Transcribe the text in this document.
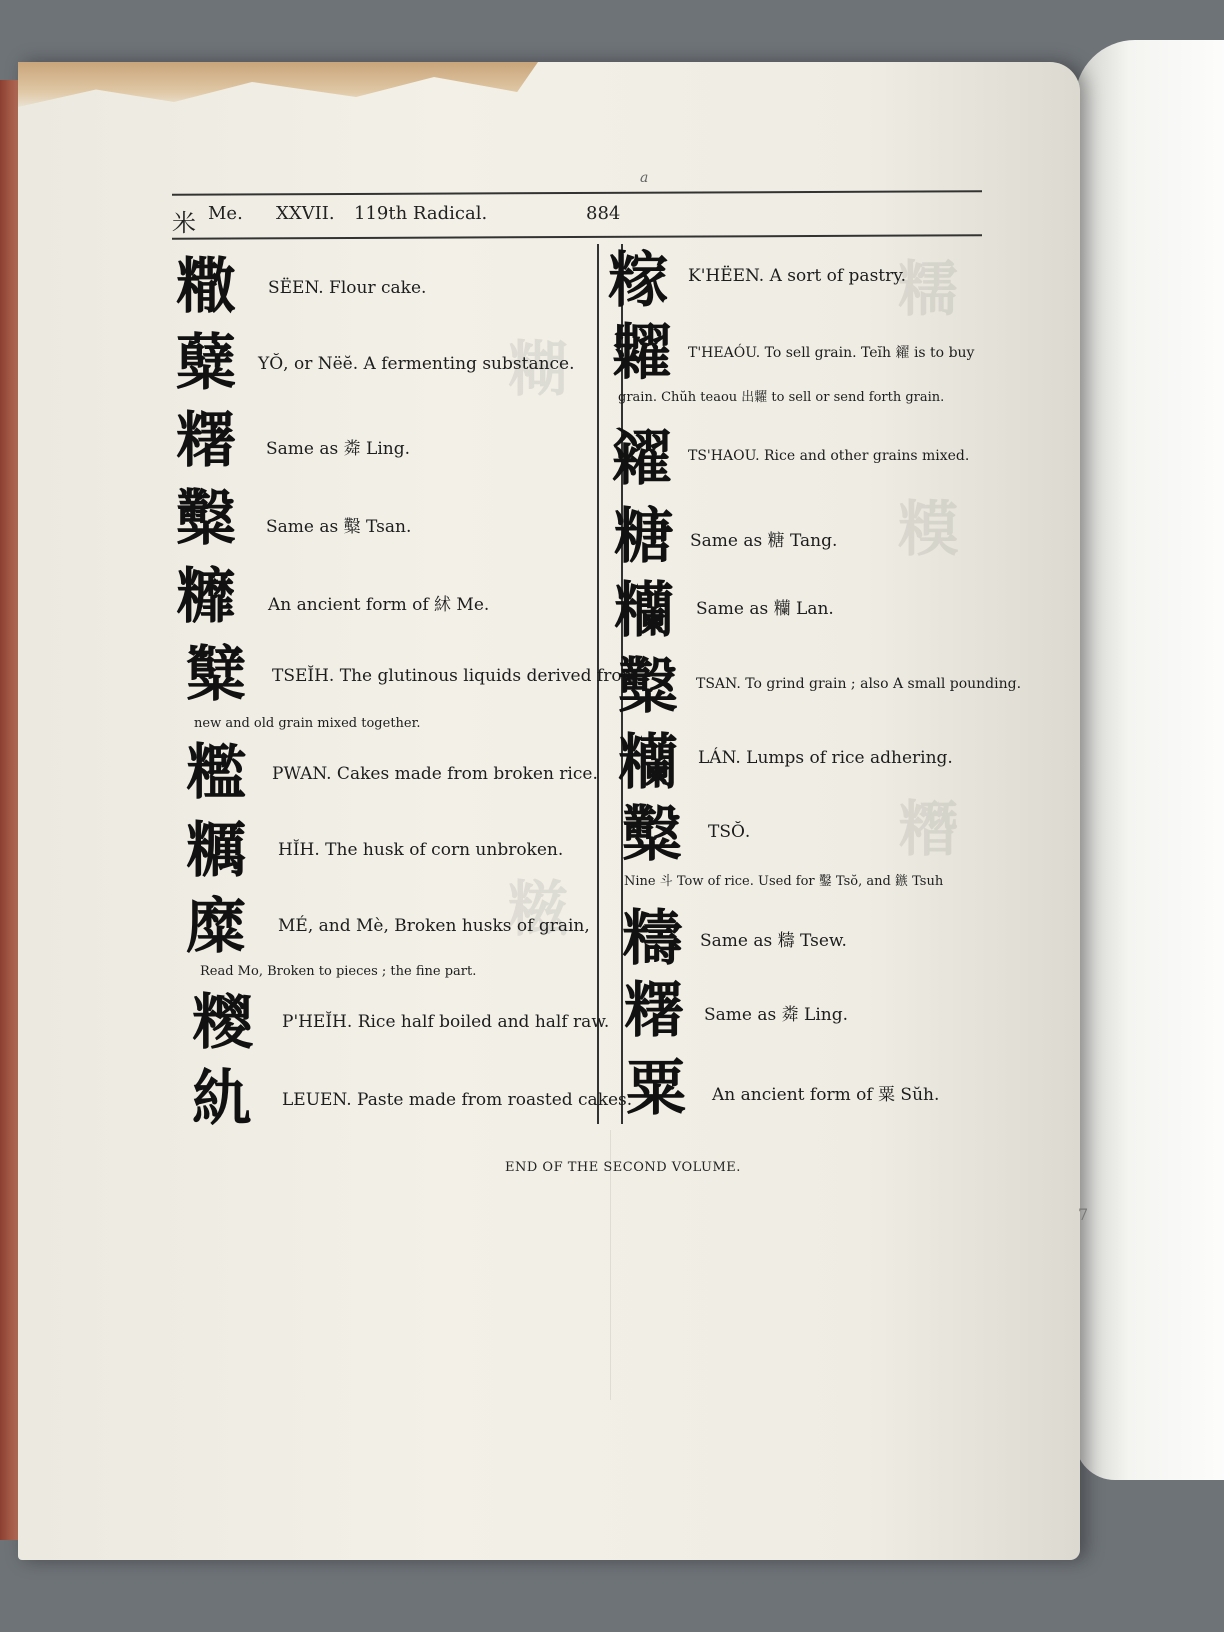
糯
糢
糣
糊
糍
a
米 Me. XXVII. 119th Radical.	884
糤 SËEN. Flour cake.
糵 YŎ, or Nëĕ. A fermenting substance.
糬 Same as 粦 Ling.
糳 Same as 糳 Tsan.
䊳 An ancient form of 絉 Me.
糱 TSEĬH. The glutinous liquids derived from
new and old grain mixed together.
糮 PWAN. Cakes made from broken rice.
糲 HĬH. The husk of corn unbroken.
糜 MÉ, and Mè, Broken husks of grain,
Read Mo, Broken to pieces ; the fine part.
糭 P'HEĬH. Rice half boiled and half raw.
䊵 LEUEN. Paste made from roasted cakes.
糘 K'HËEN. A sort of pastry.
糶 T'HEAÓU. To sell grain. Teĭh 糴 is to buy
grain. Chŭh teaou 出糶 to sell or send forth grain.
糴 TS'HAOU. Rice and other grains mixed.
糖 Same as 糖 Tang.
糷 Same as 糷 Lan.
糳 TSAN. To grind grain ; also A small pounding.
糷 LÁN. Lumps of rice adhering.
糳 TSŎ.
Nine 斗 Tow of rice. Used for 鑿 Tsŏ, and 鏃 Tsuh
䊭 Same as 䊭 Tsew.
糬 Same as 粦 Ling.
粟 An ancient form of 粟 Sŭh.
END OF THE SECOND VOLUME.
7
